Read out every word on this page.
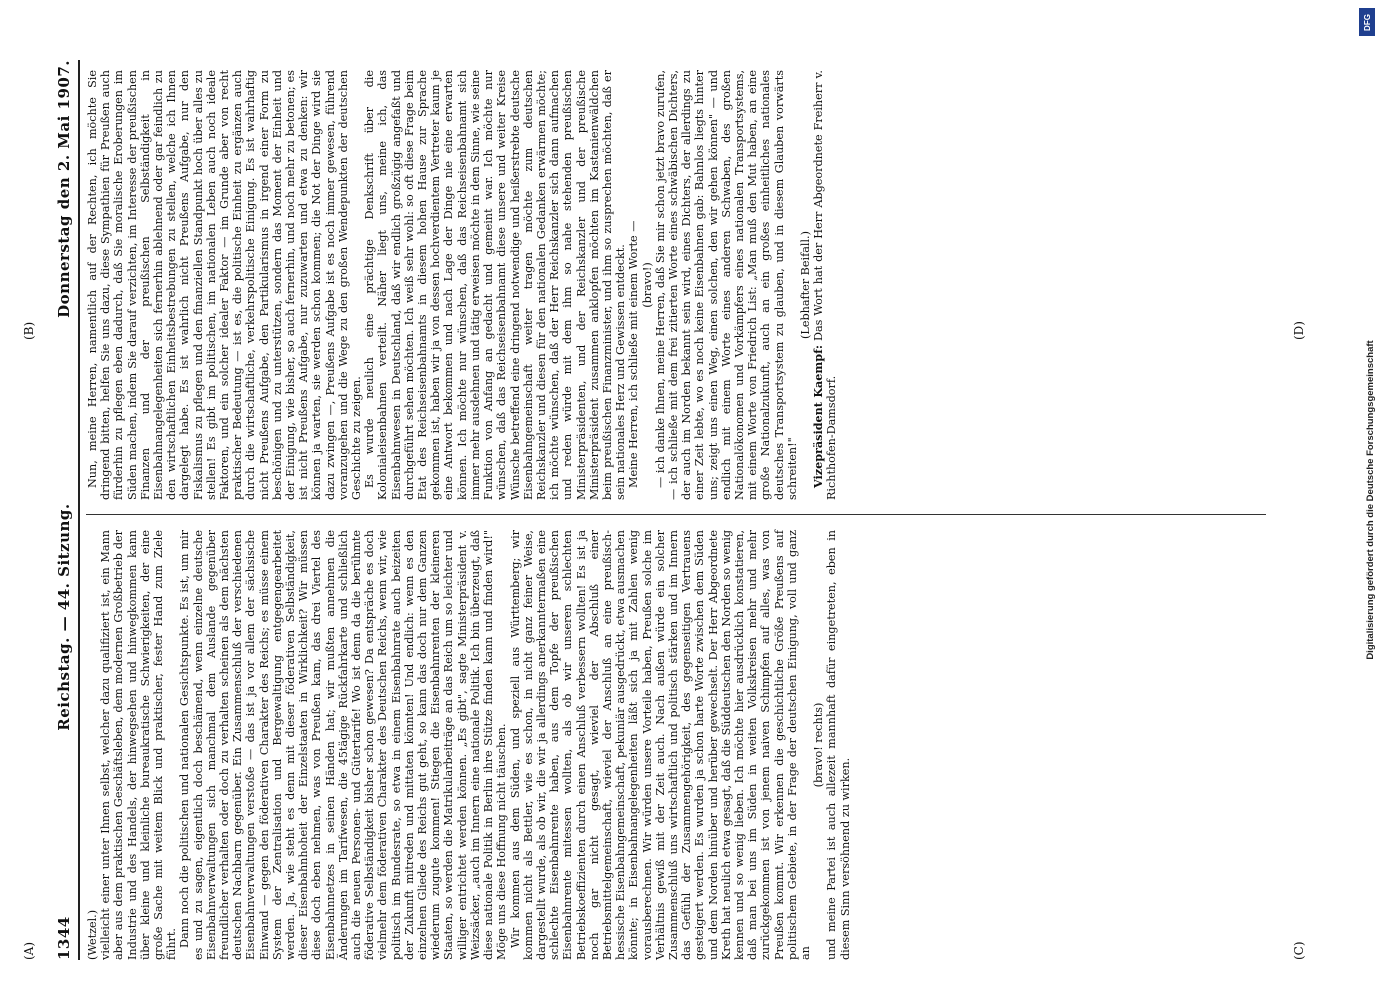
1344
Reichstag. — 44. Sitzung.
Donnerstag den 2. Mai 1907.

(Wetzel.) vielleicht einer unter Ihnen selbst, welcher dazu qualifiziert ist, ein Mann aber aus dem praktischen Geschäftsleben, dem modernen Großbetrieb der Industrie und des Handels, der hinwegsehen und hinwegkommen kann über kleine und kleinliche bureaukratische Schwierigkeiten, der eine große Sache mit weitem Blick und praktischer, fester Hand zum Ziele führt. Dann noch die politischen und nationalen Gesichtspunkte. Es ist, um mir es und zu sagen, eigentlich doch beschämend, wenn einzelne deutsche Eisenbahnverwaltungen sich manchmal dem Auslande gegenüber freundlicher verhalten oder doch zu verhalten scheinen als dem nächsten deutschen Nachbarn gegenüber. Ein Zusammenschluß der verschiedenen Eisenbahnverwaltungen verstoße — das ist ja vor allem der sächsische Einwand — gegen den föderativen Charakter des Reichs; es müsse einem System der Zentralisation und Bergewaltigung entgegengearbeitet werden. Ja, wie steht es denn mit dieser föderativen Selbständigkeit, dieser Eisenbahnhoheit der Einzelstaaten in Wirklichkeit? Wir müssen diese doch eben nehmen, was von Preußen kam, das drei Viertel des Eisenbahnnetzes in seinen Händen hat; wir mußten annehmen die Änderungen im Tarifwesen, die 45tägige Rückfahrkarte und schließlich auch die neuen Personen- und Gütertarife! Wo ist denn da die berühmte föderative Selbständigkeit bisher schon gewesen? Da entspräche es doch vielmehr dem föderativen Charakter des Deutschen Reichs, wenn wir, wie politisch im Bundesrate, so etwa in einem Eisenbahnrate auch beizeiten der Zukunft mitreden und mittaten könnten! Und endlich: wenn es den einzelnen Gliede des Reichs gut geht, so kann das doch nur dem Ganzen wiederum zugute kommen! Stiegen die Eisenbahnrenten der kleineren Staaten, so werden die Matrikularbeiträge an das Reich um so leichter und williger entrichtet werden können. „Es gibt", sagte Ministerpräsident v. Weizsäcker, „auch im Innern eine nationale Politik. Ich bin überzeugt, daß diese nationale Politik in Berlin ihre Stütze finden kann und finden wird!" Möge uns diese Hoffnung nicht täuschen. Wir kommen aus dem Süden, und speziell aus Württemberg; wir kommen nicht als Bettler, wie es schon, in nicht ganz feiner Weise, dargestellt wurde, als ob wir, die wir ja allerdings anerkanntermaßen eine schlechte Eisenbahnrente haben, aus dem Topfe der preußischen Eisenbahnrente mitessen wollten, als ob wir unseren schlechten Betriebskoeffizienten durch einen Anschluß verbessern wollten! Es ist ja noch gar nicht gesagt, wieviel der Abschluß einer Betriebsmittelgemeinschaft, wieviel der Anschluß an eine preußisch-hessische Eisenbahngemeinschaft, pekuniär ausgedrückt, etwa ausmachen könnte; in Eisenbahnangelegenheiten läßt sich ja mit Zahlen wenig vorausberechnen. Wir würden unsere Vorteile haben, Preußen solche im Verhältnis gewiß mit der Zeit auch. Nach außen würde ein solcher Zusammenschluß uns wirtschaftlich und politisch stärken und im Innern das Gefühl der Zusammengehörigkeit, des gegenseitigen Vertrauens gesteigert werden. Es wurden ja schon harte Worte zwischen dem Süden und dem Norden hinüber und herüber gewechselt. Der Herr Abgeordnete Kreth hat neulich etwa gesagt, daß die Süddeutschen den Norden so wenig kennen und so wenig lieben. Ich möchte hier ausdrücklich konstatieren, daß man bei uns im Süden in weiten Volkskreisen mehr und mehr zurückgekommen ist von jenem naiven Schimpfen auf alles, was von Preußen kommt. Wir erkennen die geschichtliche Größe Preußens auf politischem Gebiete, in der Frage der deutschen Einigung, voll und ganz an

(bravo! rechts) und meine Partei ist auch allezeit mannhaft dafür eingetreten, eben in diesem Sinn versöhnend zu wirken.

Nun, meine Herren, namentlich auf der Rechten, ich möchte Sie dringend bitten, helfen Sie uns dazu, diese Sympathien für Preußen auch fürderhin zu pflegen eben dadurch, daß Sie moralische Eroberungen im Süden machen, indem Sie darauf verzichten, im Interesse der preußischen Finanzen und der preußischen Selbständigkeit in Eisenbahnangelegenheiten sich fernerhin ablehnend oder gar feindlich zu den wirtschaftlichen Einheitsbestrebungen zu stellen, welche ich Ihnen dargelegt habe. Es ist wahrlich nicht Preußens Aufgabe, nur den Fiskalismus zu pflegen und den finanziellen Standpunkt hoch über alles zu stellen! Es gibt im politischen, im nationalen Leben auch noch ideale Faktoren, und ein solcher idealer Faktor — im Grunde aber von recht praktischer Bedeutung — ist es, die politische Einheit zu ergänzen auch durch die wirtschaftliche, verkehrspolitische Einigung. Es ist wahrhaftig nicht Preußens Aufgabe, den Partikularismus in irgend einer Form zu beschönigen und zu unterstützen, sondern das Moment der Einheit und der Einigung, wie bisher, so auch fernerhin, und noch mehr zu betonen; es ist nicht Preußens Aufgabe, nur zuzuwarten und etwa zu denken: wir können ja warten, sie werden schon kommen; die Not der Dinge wird sie dazu zwingen —, Preußens Aufgabe ist es noch immer gewesen, führend voranzugehen und die Wege zu den großen Wendepunkten der deutschen Geschichte zu zeigen. Es wurde neulich eine prächtige Denkschrift über die Kolonialeisenbahnen verteilt. Näher liegt uns, meine ich, das Eisenbahnwesen in Deutschland, daß wir endlich großzügig angefaßt und durchgeführt sehen möchten. Ich weiß sehr wohl: so oft diese Frage beim Etat des Reichseisenbahnamts in diesem hohen Hause zur Sprache gekommen ist, haben wir ja von dessen hochverdientem Vertreter kaum je eine Antwort bekommen und nach Lage der Dinge nie eine erwarten können. Ich möchte nur wünschen, daß das Reichseisenbahnamt sich immer mehr ausdehnen und tätig erweisen möchte in dem Sinne, wie seine Funktion von Anfang an gedacht und gemeint war. Ich möchte nur wünschen, daß das Reichseisenbahnamt diese unsere und weiter Kreise Wünsche betreffend eine dringend notwendige und heißerstrebte deutsche Eisenbahngemeinschaft weiter tragen möchte zum deutschen Reichskanzler und diesen für den nationalen Gedanken erwärmen möchte; ich möchte wünschen, daß der Herr Reichskanzler sich dann aufmachen und reden würde mit dem ihm so nahe stehenden preußischen Ministerpräsidenten, und der Reichskanzler und der preußische Ministerpräsident zusammen anklopfen möchten im Kastanienwäldchen beim preußischen Finanzminister, und ihm so zusprechen möchten, daß er sein nationales Herz und Gewissen entdeckt. Meine Herren, ich schließe mit einem Worte — (bravo!) — ich danke Ihnen, meine Herren, daß Sie mir schon jetzt bravo zurufen, — ich schließe mit dem frei zitierten Worte eines schwäbischen Dichters, der auch im Norden bekannt sein wird, eines Dichters, der allerdings zu einer Zeit lebte, wo es noch keine Eisenbahnen gab: Bahnlos liegts hinter uns; zeigt uns einen Weg, einen solchen, den wir gehen können" — und endlich mit einem Worte eines anderen Schwaben, des großen Nationalökonomen und Vorkämpfers eines nationalen Transportsystems, mit einem Worte von Friedrich List: „Man muß den Mut haben, an eine große Nationalzukunft, auch an ein großes einheitliches nationales deutsches Transportsystem zu glauben, und in diesem Glauben vorwärts schreiten!"

(Lebhafter Beifall.)

Vizepräsident Kaempf: Das Wort hat der Herr Abgeordnete Freiherr v. Richthofen-Damsdorf.

(A)
(B)
(C)
(D)
DFG
Digitalisierung gefördert durch die Deutsche Forschungsgemeinschaft
